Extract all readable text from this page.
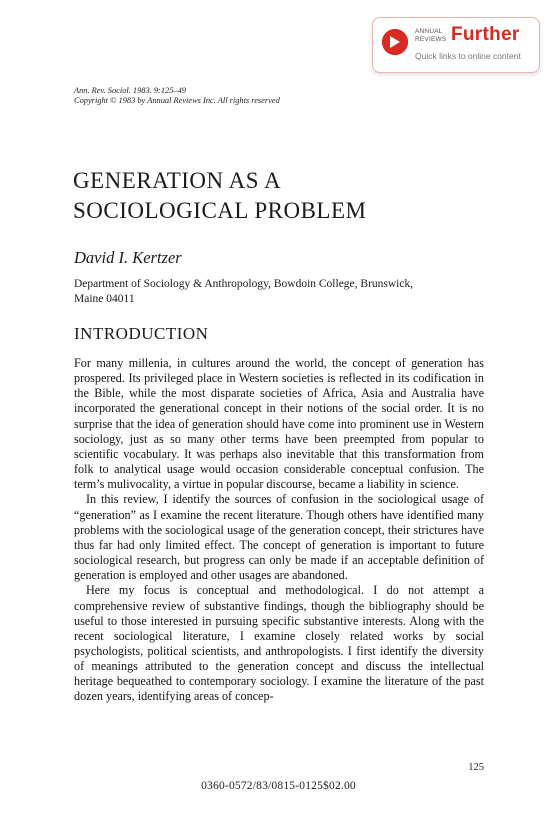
ANNUAL
REVIEWS Further
Quick links to online content
Ann. Rev. Sociol. 1983. 9:125–49
Copyright © 1983 by Annual Reviews Inc. All rights reserved
GENERATION AS A
SOCIOLOGICAL PROBLEM
David I. Kertzer
Department of Sociology & Anthropology, Bowdoin College, Brunswick,
Maine 04011
INTRODUCTION

For many millenia, in cultures around the world, the concept of generation has prospered. Its privileged place in Western societies is reflected in its codification in the Bible, while the most disparate societies of Africa, Asia and Australia have incorporated the generational concept in their notions of the social order. It is no surprise that the idea of generation should have come into prominent use in Western sociology, just as so many other terms have been preempted from popular to scientific vocabulary. It was perhaps also inevitable that this transformation from folk to analytical usage would occasion considerable conceptual confusion. The term’s mulivocality, a virtue in popular discourse, became a liability in science.

In this review, I identify the sources of confusion in the sociological usage of “generation” as I examine the recent literature. Though others have identified many problems with the sociological usage of the generation concept, their strictures have thus far had only limited effect. The concept of generation is important to future sociological research, but progress can only be made if an acceptable definition of generation is employed and other usages are abandoned.

Here my focus is conceptual and methodological. I do not attempt a comprehensive review of substantive findings, though the bibliography should be useful to those interested in pursuing specific substantive interests. Along with the recent sociological literature, I examine closely related works by social psychologists, political scientists, and anthropologists. I first identify the diversity of meanings attributed to the generation concept and discuss the intellectual heritage bequeathed to contemporary sociology. I examine the literature of the past dozen years, identifying areas of concep-

125
0360-0572/83/0815-0125$02.00
